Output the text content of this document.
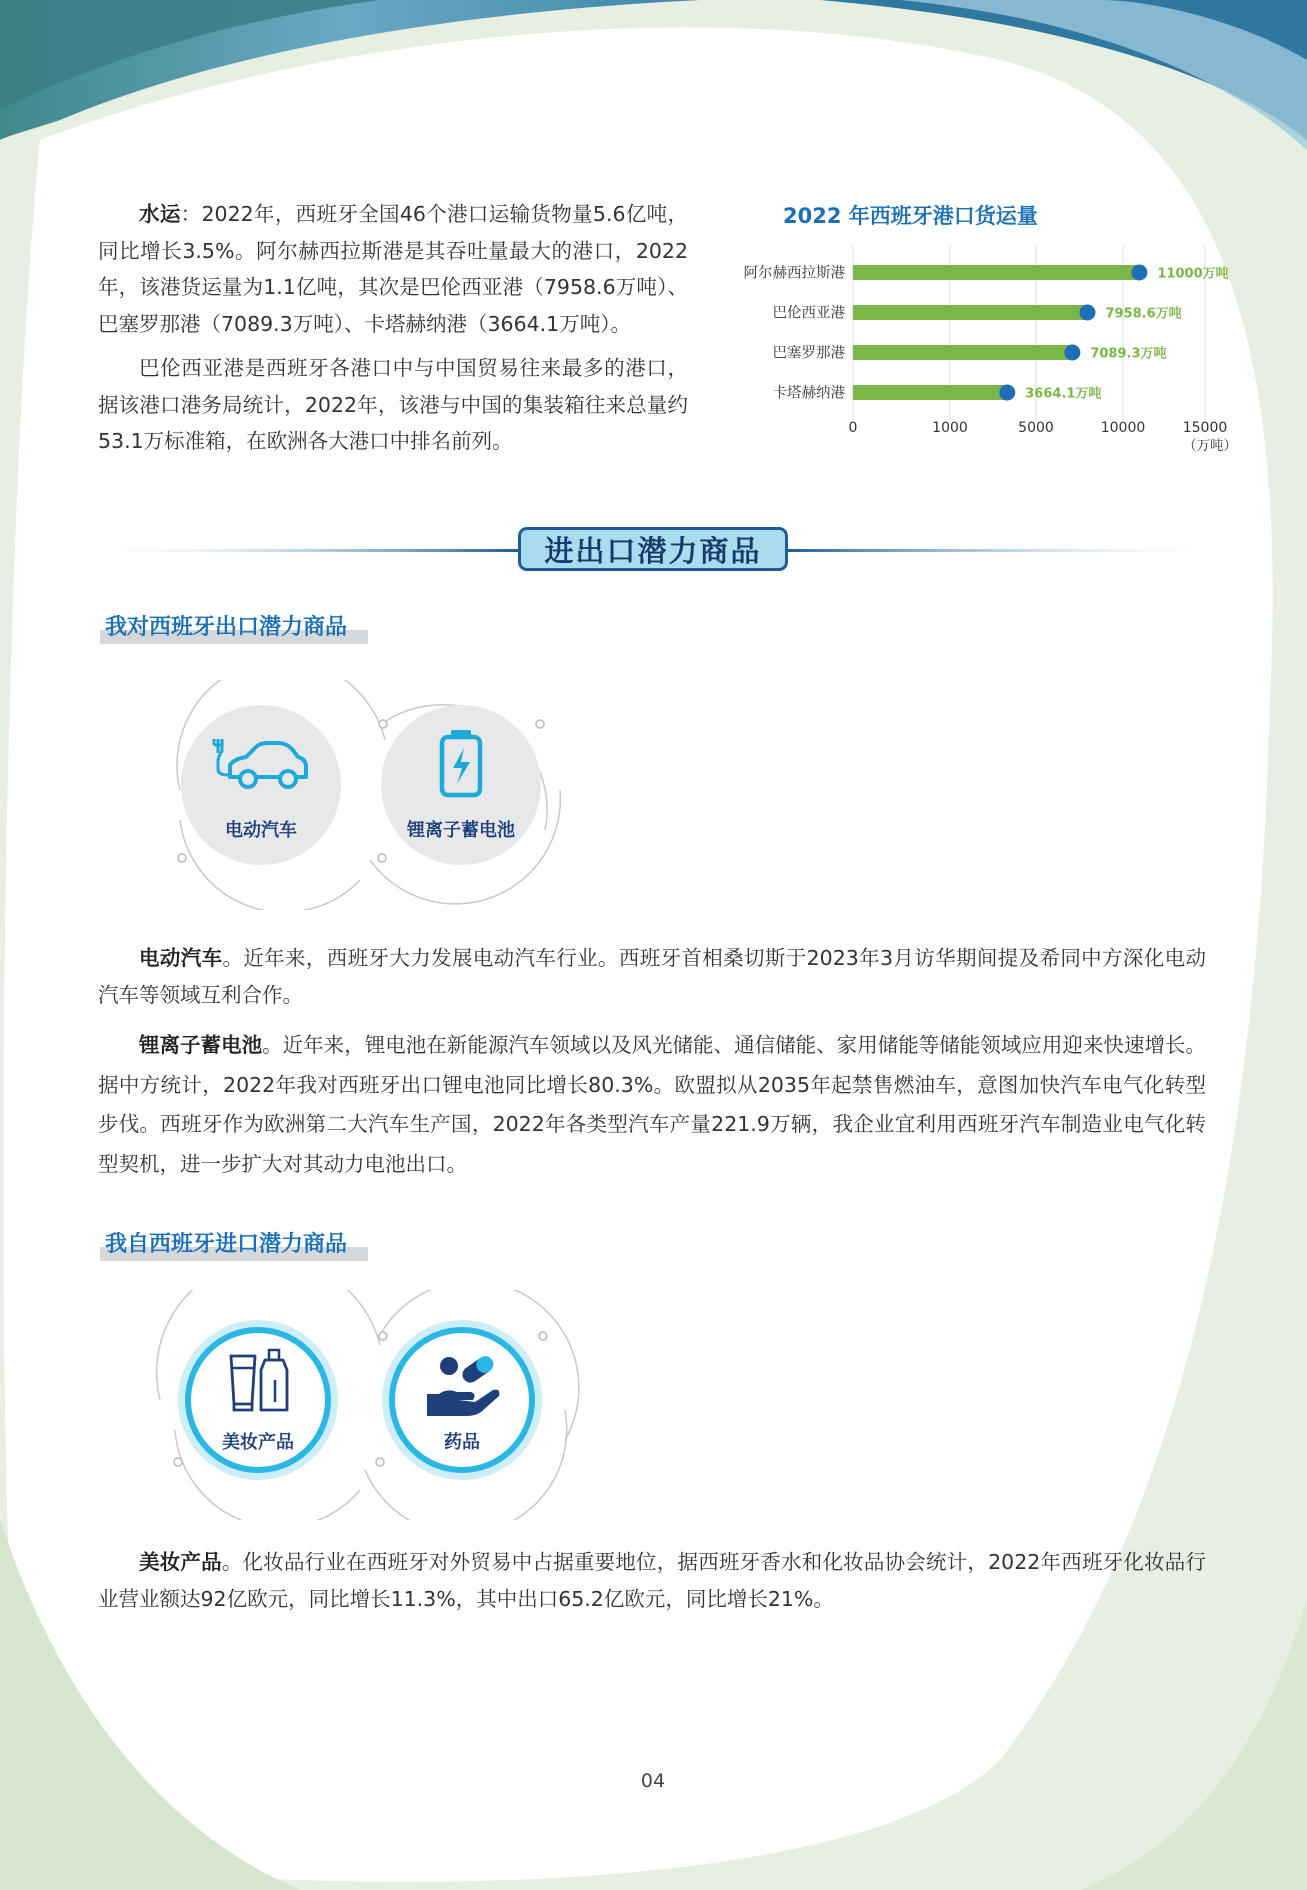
水运：2022年，西班牙全国46个港口运输货物量5.6亿吨，同比增长3.5%。阿尔赫西拉斯港是其吞吐量最大的港口，2022年，该港货运量为1.1亿吨，其次是巴伦西亚港（7958.6万吨）、巴塞罗那港（7089.3万吨）、卡塔赫纳港（3664.1万吨）。

巴伦西亚港是西班牙各港口中与中国贸易往来最多的港口，据该港口港务局统计，2022年，该港与中国的集装箱往来总量约53.1万标准箱，在欧洲各大港口中排名前列。

2022 年西班牙港口货运量
阿尔赫西拉斯港	11000万吨
巴伦西亚港	7958.6万吨
巴塞罗那港	7089.3万吨
卡塔赫纳港	3664.1万吨
0	1000	5000	10000	15000
（万吨）
进出口潜力商品
我对西班牙出口潜力商品
电动汽车	锂离子蓄电池

电动汽车。近年来，西班牙大力发展电动汽车行业。西班牙首相桑切斯于2023年3月访华期间提及希同中方深化电动汽车等领域互利合作。

锂离子蓄电池。近年来，锂电池在新能源汽车领域以及风光储能、通信储能、家用储能等储能领域应用迎来快速增长。据中方统计，2022年我对西班牙出口锂电池同比增长80.3%。欧盟拟从2035年起禁售燃油车，意图加快汽车电气化转型步伐。西班牙作为欧洲第二大汽车生产国，2022年各类型汽车产量221.9万辆，我企业宜利用西班牙汽车制造业电气化转型契机，进一步扩大对其动力电池出口。

我自西班牙进口潜力商品
美妆产品	药品

美妆产品。化妆品行业在西班牙对外贸易中占据重要地位，据西班牙香水和化妆品协会统计，2022年西班牙化妆品行业营业额达92亿欧元，同比增长11.3%，其中出口65.2亿欧元，同比增长21%。

04
